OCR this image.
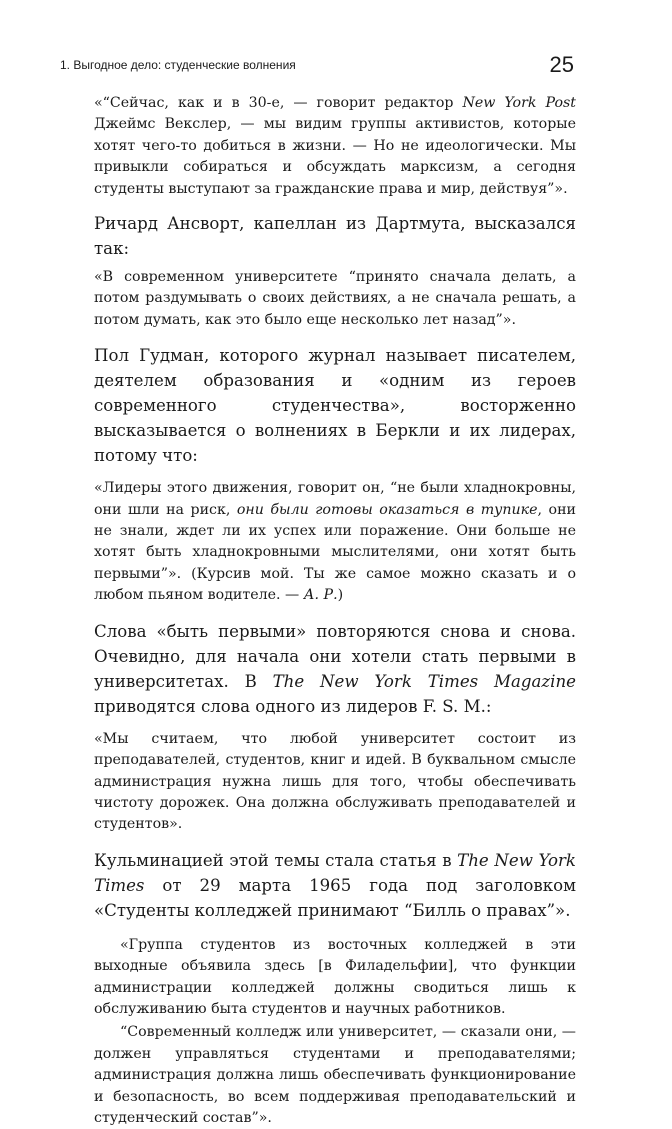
1. Выгодное дело: студенческие волнения	25

«“Сейчас, как и в 30-е, — говорит редактор New York Post Джеймс Векслер, — мы видим группы активистов, которые хотят чего-то добиться в жизни. — Но не идеологически. Мы привыкли собираться и обсуждать марксизм, а сегодня студенты выступают за гражданские права и мир, действуя”».

Ричард Ансворт, капеллан из Дартмута, высказался так:

«В современном университете “принято сначала делать, а потом раздумывать о своих действиях, а не сначала решать, а потом думать, как это было еще несколько лет назад”».

Пол Гудман, которого журнал называет писателем, деятелем образования и «одним из героев современного студенчества», восторженно высказывается о волнениях в Беркли и их лидерах, потому что:

«Лидеры этого движения, говорит он, “не были хладнокровны, они шли на риск, они были готовы оказаться в тупике, они не знали, ждет ли их успех или поражение. Они больше не хотят быть хладнокровными мыслителями, они хотят быть первыми”». (Курсив мой. Ты же самое можно сказать и о любом пьяном водителе. — А. Р.)

Слова «быть первыми» повторяются снова и снова. Очевидно, для начала они хотели стать первыми в университетах. В The New York Times Magazine приводятся слова одного из лидеров F. S. M.:

«Мы считаем, что любой университет состоит из преподавателей, студентов, книг и идей. В буквальном смысле администрация нужна лишь для того, чтобы обеспечивать чистоту дорожек. Она должна обслуживать преподавателей и студентов».

Кульминацией этой темы стала статья в The New York Times от 29 марта 1965 года под заголовком «Студенты колледжей принимают “Билль о правах”».

«Группа студентов из восточных колледжей в эти выходные объявила здесь [в Филадельфии], что функции администрации колледжей должны сводиться лишь к обслуживанию быта студентов и научных работников.

“Современный колледж или университет, — сказали они, — должен управляться студентами и преподавателями; администрация должна лишь обеспечивать функционирование и безопасность, во всем поддерживая преподавательский и студенческий состав”».
